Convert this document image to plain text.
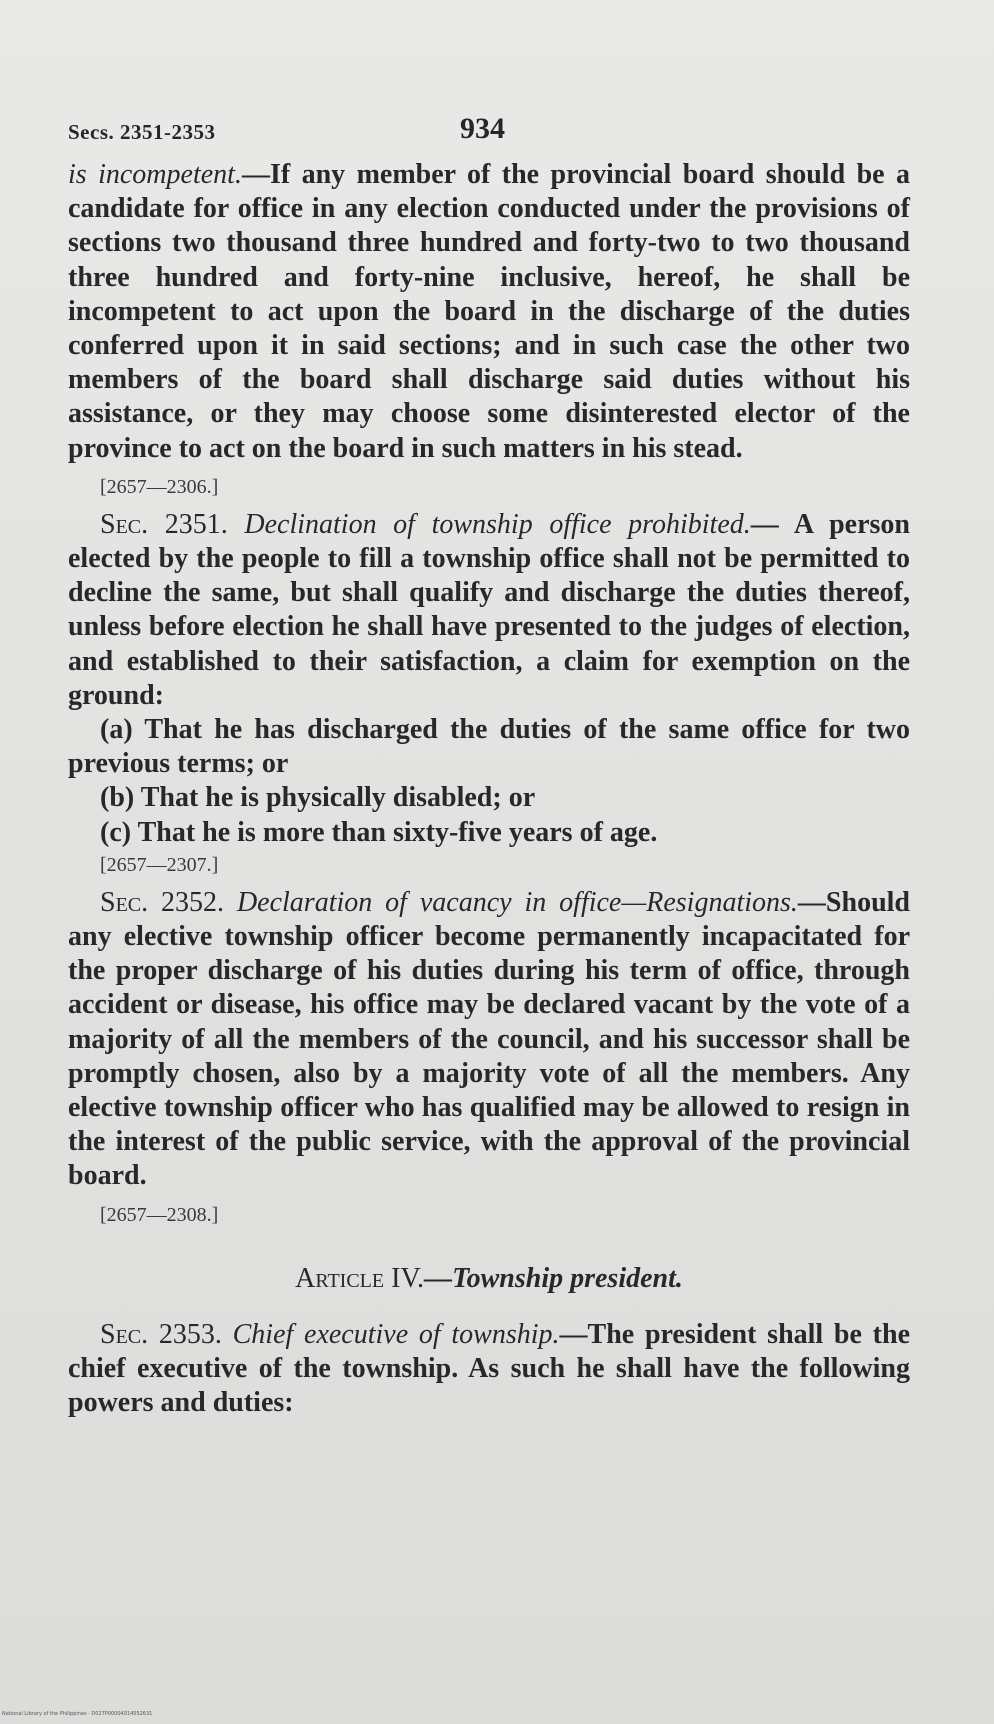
Secs. 2351-2353	934

is incompetent.—If any member of the provincial board should be a candidate for office in any election conducted under the provisions of sections two thousand three hundred and forty-two to two thousand three hundred and forty-nine inclusive, hereof, he shall be incompetent to act upon the board in the discharge of the duties conferred upon it in said sections; and in such case the other two members of the board shall discharge said duties without his assistance, or they may choose some disinterested elector of the province to act on the board in such matters in his stead.

[2657—2306.]

Sec. 2351. Declination of township office prohibited.— A person elected by the people to fill a township office shall not be permitted to decline the same, but shall qualify and discharge the duties thereof, unless before election he shall have presented to the judges of election, and established to their satisfaction, a claim for exemption on the ground:

(a) That he has discharged the duties of the same office for two previous terms; or

(b) That he is physically disabled; or

(c) That he is more than sixty-five years of age.

[2657—2307.]

Sec. 2352. Declaration of vacancy in office—Resignations.—Should any elective township officer become permanently incapacitated for the proper discharge of his duties during his term of office, through accident or disease, his office may be declared vacant by the vote of a majority of all the members of the council, and his successor shall be promptly chosen, also by a majority vote of all the members. Any elective township officer who has qualified may be allowed to resign in the interest of the public service, with the approval of the provincial board.

[2657—2308.]

Article IV.—Township president.

Sec. 2353. Chief executive of township.—The president shall be the chief executive of the township. As such he shall have the following powers and duties:

National Library of the Philippines · D027P00004014552631
